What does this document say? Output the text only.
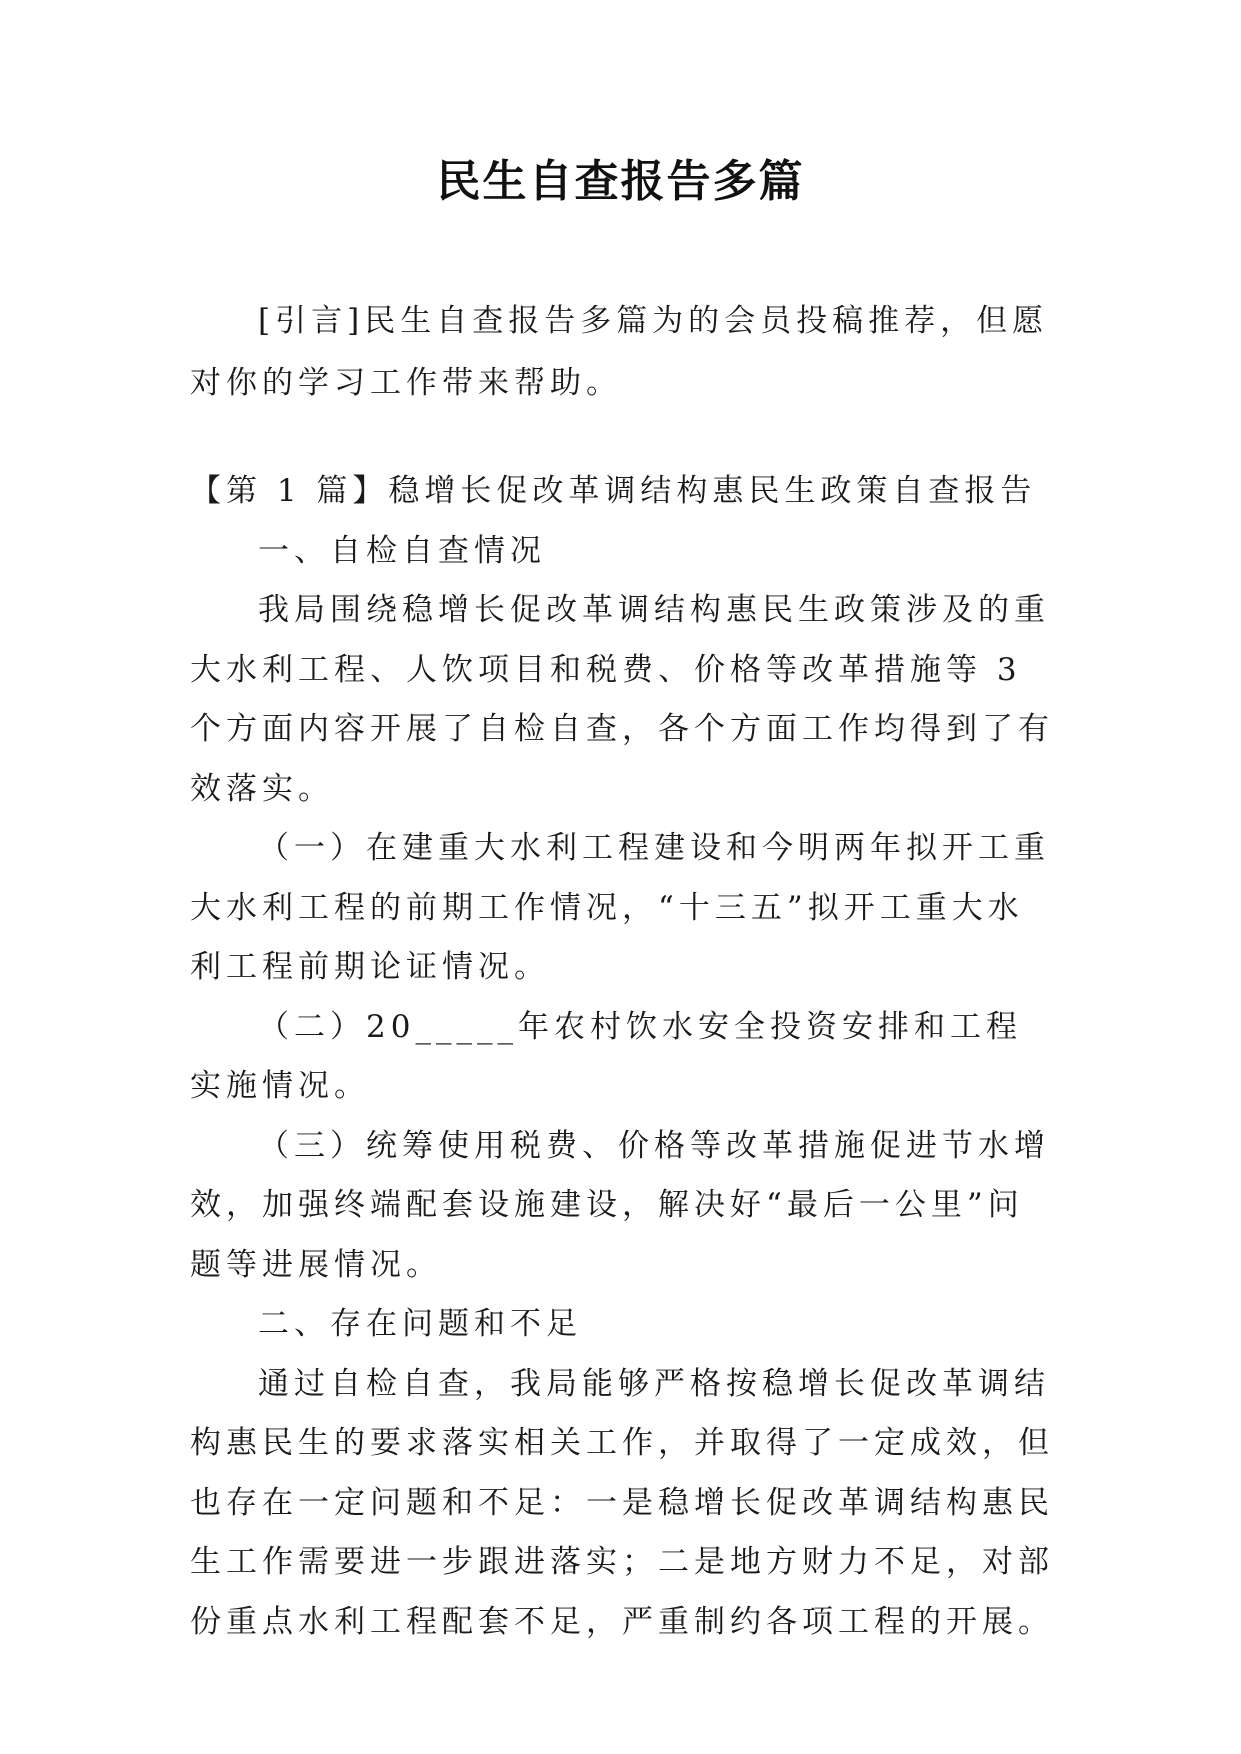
民生自查报告多篇

[引言]民生自查报告多篇为的会员投稿推荐，但愿对你的学习工作带来帮助。

【第 1 篇】稳增长促改革调结构惠民生政策自查报告

一、自检自查情况

我局围绕稳增长促改革调结构惠民生政策涉及的重大水利工程、人饮项目和税费、价格等改革措施等 3 个方面内容开展了自检自查，各个方面工作均得到了有效落实。

（一）在建重大水利工程建设和今明两年拟开工重大水利工程的前期工作情况，“十三五”拟开工重大水利工程前期论证情况。

（二）20_____年农村饮水安全投资安排和工程实施情况。

（三）统筹使用税费、价格等改革措施促进节水增效，加强终端配套设施建设，解决好“最后一公里”问题等进展情况。

二、存在问题和不足

通过自检自查，我局能够严格按稳增长促改革调结构惠民生的要求落实相关工作，并取得了一定成效，但也存在一定问题和不足：一是稳增长促改革调结构惠民生工作需要进一步跟进落实；二是地方财力不足，对部份重点水利工程配套不足，严重制约各项工程的开展。
